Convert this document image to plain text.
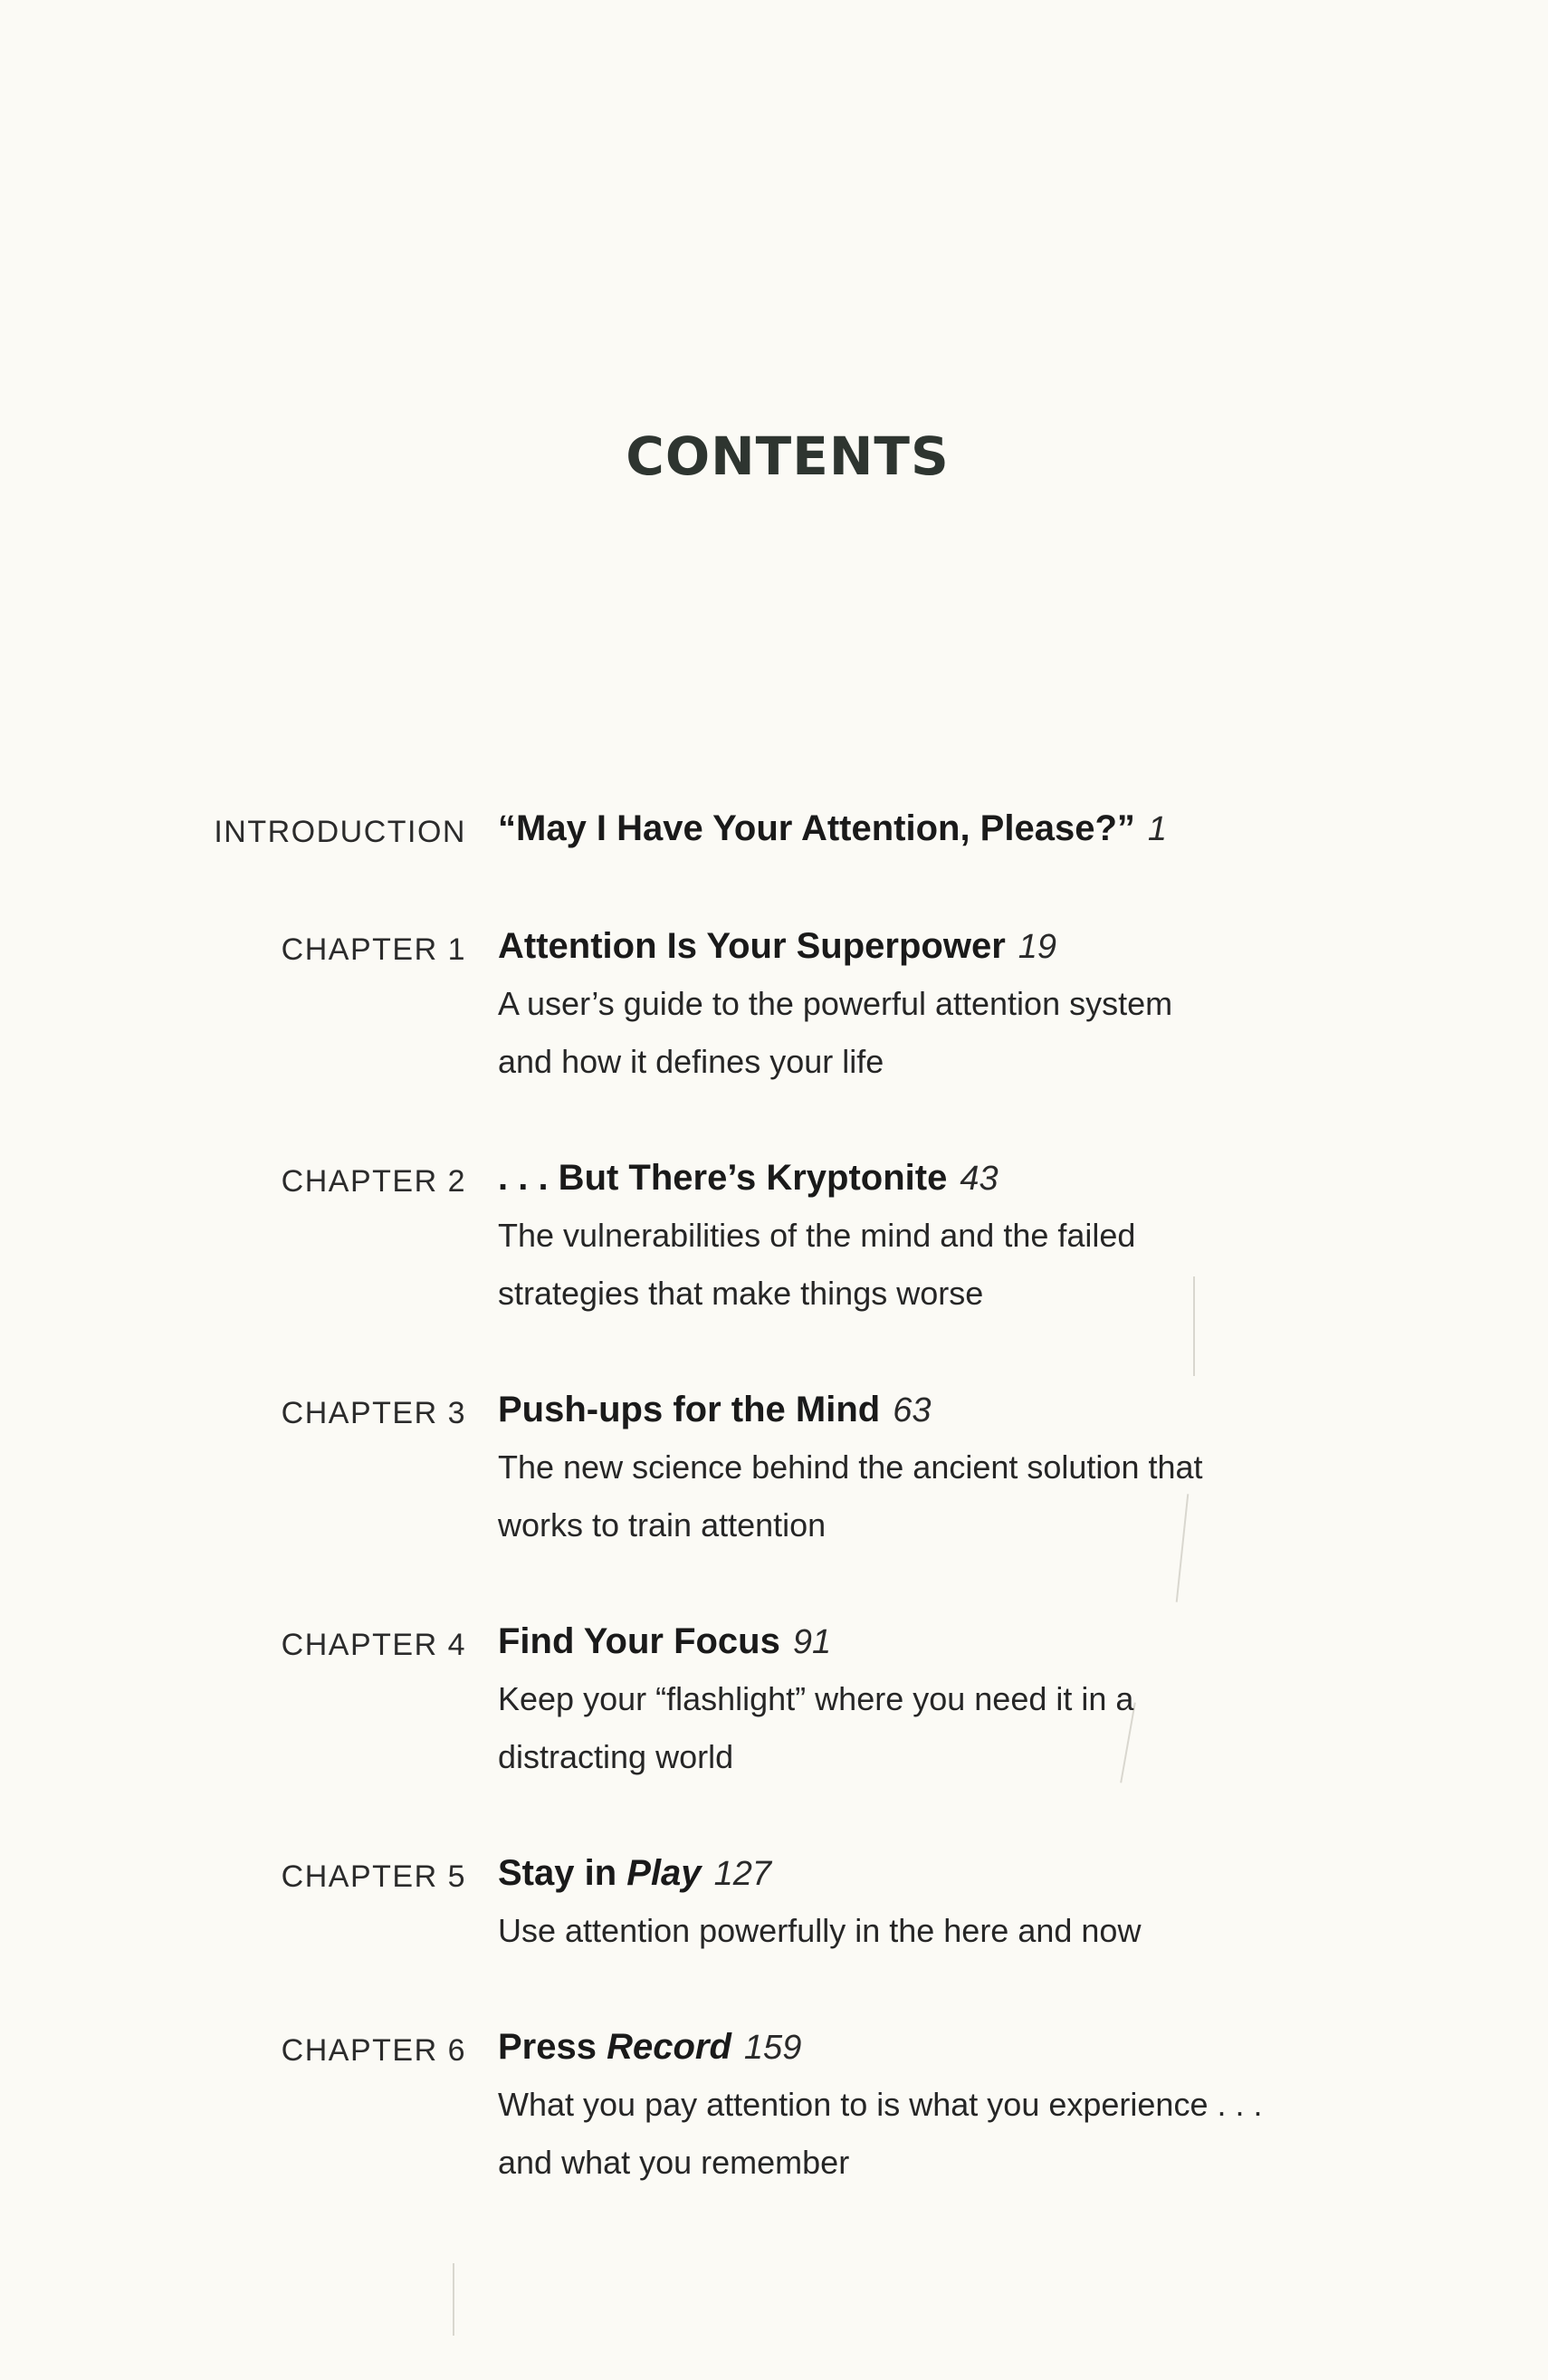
CONTENTS
INTRODUCTION “May I Have Your Attention, Please?” 1
CHAPTER 1 Attention Is Your Superpower 19
A user’s guide to the powerful attention system
and how it defines your life
CHAPTER 2 . . . But There’s Kryptonite 43
The vulnerabilities of the mind and the failed
strategies that make things worse
CHAPTER 3 Push-ups for the Mind 63
The new science behind the ancient solution that
works to train attention
CHAPTER 4 Find Your Focus 91
Keep your “flashlight” where you need it in a
distracting world
CHAPTER 5 Stay in Play 127
Use attention powerfully in the here and now
CHAPTER 6 Press Record 159
What you pay attention to is what you experience . . .
and what you remember
